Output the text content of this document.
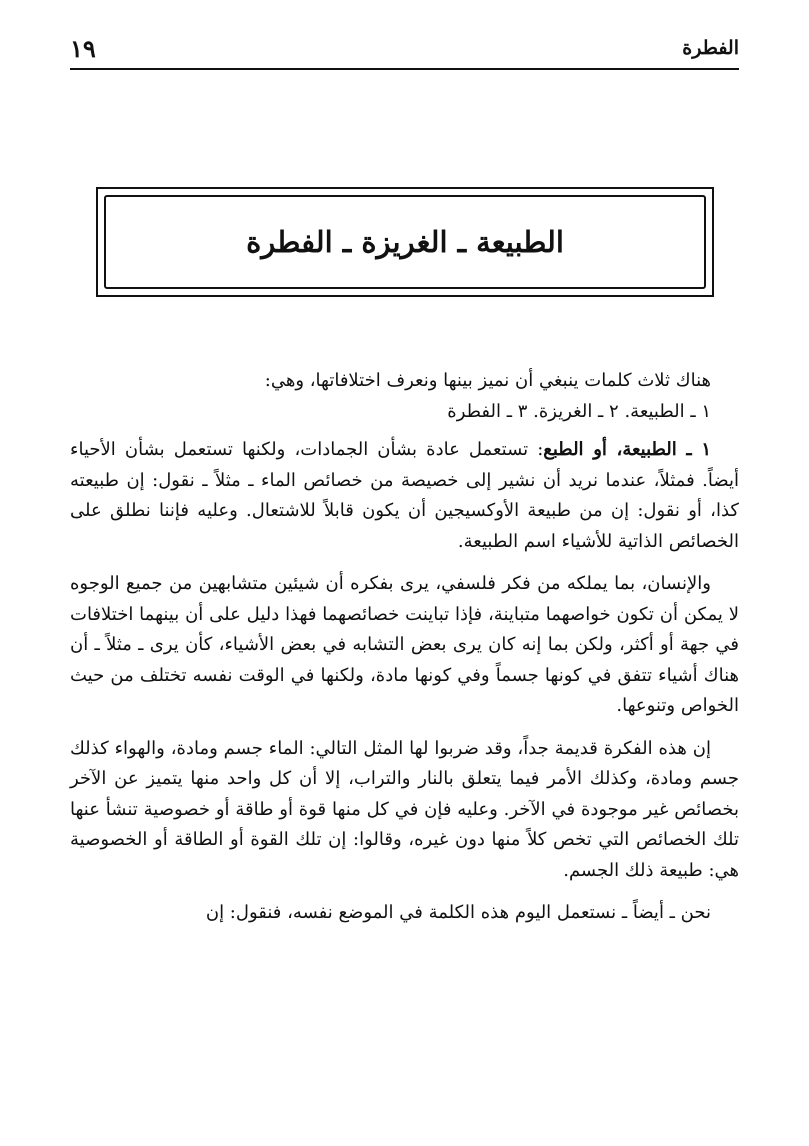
١٩	الفطرة
الطبيعة ـ الغريزة ـ الفطرة

هناك ثلاث كلمات ينبغي أن نميز بينها ونعرف اختلافاتها، وهي:

١ ـ الطبيعة. ٢ ـ الغريزة. ٣ ـ الفطرة

١ ـ الطبيعة، أو الطبع: تستعمل عادة بشأن الجمادات، ولكنها تستعمل بشأن الأحياء أيضاً. فمثلاً، عندما نريد أن نشير إلى خصيصة من خصائص الماء ـ مثلاً ـ نقول: إن طبيعته كذا، أو نقول: إن من طبيعة الأوكسيجين أن يكون قابلاً للاشتعال. وعليه فإننا نطلق على الخصائص الذاتية للأشياء اسم الطبيعة.

والإنسان، بما يملكه من فكر فلسفي، يرى بفكره أن شيئين متشابهين من جميع الوجوه لا يمكن أن تكون خواصهما متباينة، فإذا تباينت خصائصهما فهذا دليل على أن بينهما اختلافات في جهة أو أكثر، ولكن بما إنه كان يرى بعض التشابه في بعض الأشياء، كأن يرى ـ مثلاً ـ أن هناك أشياء تتفق في كونها جسماً وفي كونها مادة، ولكنها في الوقت نفسه تختلف من حيث الخواص وتنوعها.

إن هذه الفكرة قديمة جداً، وقد ضربوا لها المثل التالي: الماء جسم ومادة، والهواء كذلك جسم ومادة، وكذلك الأمر فيما يتعلق بالنار والتراب، إلا أن كل واحد منها يتميز عن الآخر بخصائص غير موجودة في الآخر. وعليه فإن في كل منها قوة أو طاقة أو خصوصية تنشأ عنها تلك الخصائص التي تخص كلاً منها دون غيره، وقالوا: إن تلك القوة أو الطاقة أو الخصوصية هي: طبيعة ذلك الجسم.

نحن ـ أيضاً ـ نستعمل اليوم هذه الكلمة في الموضع نفسه، فنقول: إن
